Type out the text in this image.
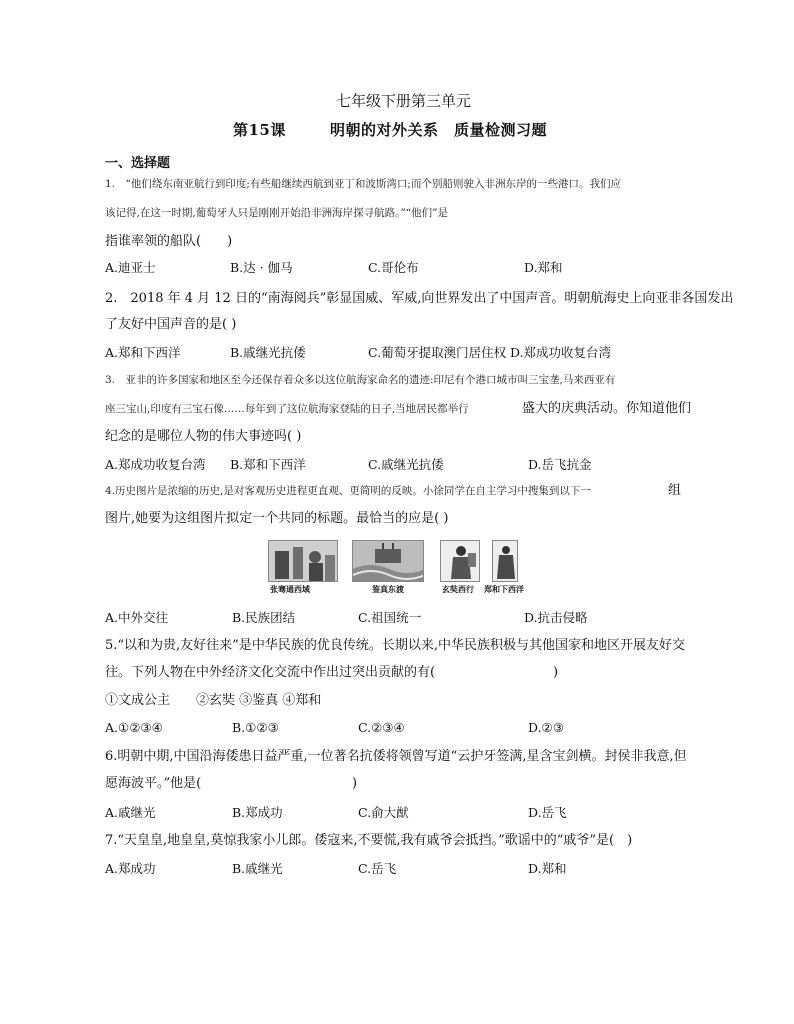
七年级下册第三单元
第15课	明朝的对外关系　质量检测习题
一、选择题
1.　“他们绕东南亚航行到印度;有些船继续西航到亚丁和波斯湾口;而个别船则驶入非洲东岸的一些港口。我们应
该记得,在这一时期,葡萄牙人只是刚刚开始沿非洲海岸探寻航路。”“他们”是
指谁率领的船队(　　)
A.迪亚士	B.达 · 伽马	C.哥伦布	D.郑和
2.　2018 年 4 月 12 日的“南海阅兵”彰显国威、军威,向世界发出了中国声音。明朝航海史上向亚非各国发出
了友好中国声音的是( )
A.郑和下西洋	B.戚继光抗倭	C.葡萄牙提取澳门居住权 D.郑成功收复台湾
3.　亚非的许多国家和地区至今还保存着众多以这位航海家命名的遗迹:印尼有个港口城市叫三宝垄,马来西亚有
座三宝山,印度有三宝石像……每年到了这位航海家登陆的日子,当地居民都举行	盛大的庆典活动。你知道他们
纪念的是哪位人物的伟大事迹吗( )
A.郑成功收复台湾 B.郑和下西洋	C.戚继光抗倭	D.岳飞抗金
4.历史图片是浓缩的历史,是对客观历史进程更直观、更简明的反映。小徐同学在自主学习中搜集到以下一	组
图片,她要为这组图片拟定一个共同的标题。最恰当的应是( )
张骞通西域	鉴真东渡	玄奘西行 郑和下西洋
A.中外交往	B.民族团结	C.祖国统一	D.抗击侵略
5.“以和为贵,友好往来”是中华民族的优良传统。长期以来,中华民族积极与其他国家和地区开展友好交
往。下列人物在中外经济文化交流中作出过突出贡献的有(	)
①文成公主　　②玄奘 ③鉴真 ④郑和
A.①②③④	B.①②③	C.②③④	D.②③
6.明朝中期,中国沿海倭患日益严重,一位著名抗倭将领曾写道“云护牙签满,星含宝剑横。封侯非我意,但
愿海波平。”他是(	)
A.戚继光	B.郑成功	C.俞大猷	D.岳飞
7.“天皇皇,地皇皇,莫惊我家小儿郎。倭寇来,不要慌,我有戚爷会抵挡。”歌谣中的“戚爷”是(　)
A.郑成功	B.戚继光	C.岳飞	D.郑和
